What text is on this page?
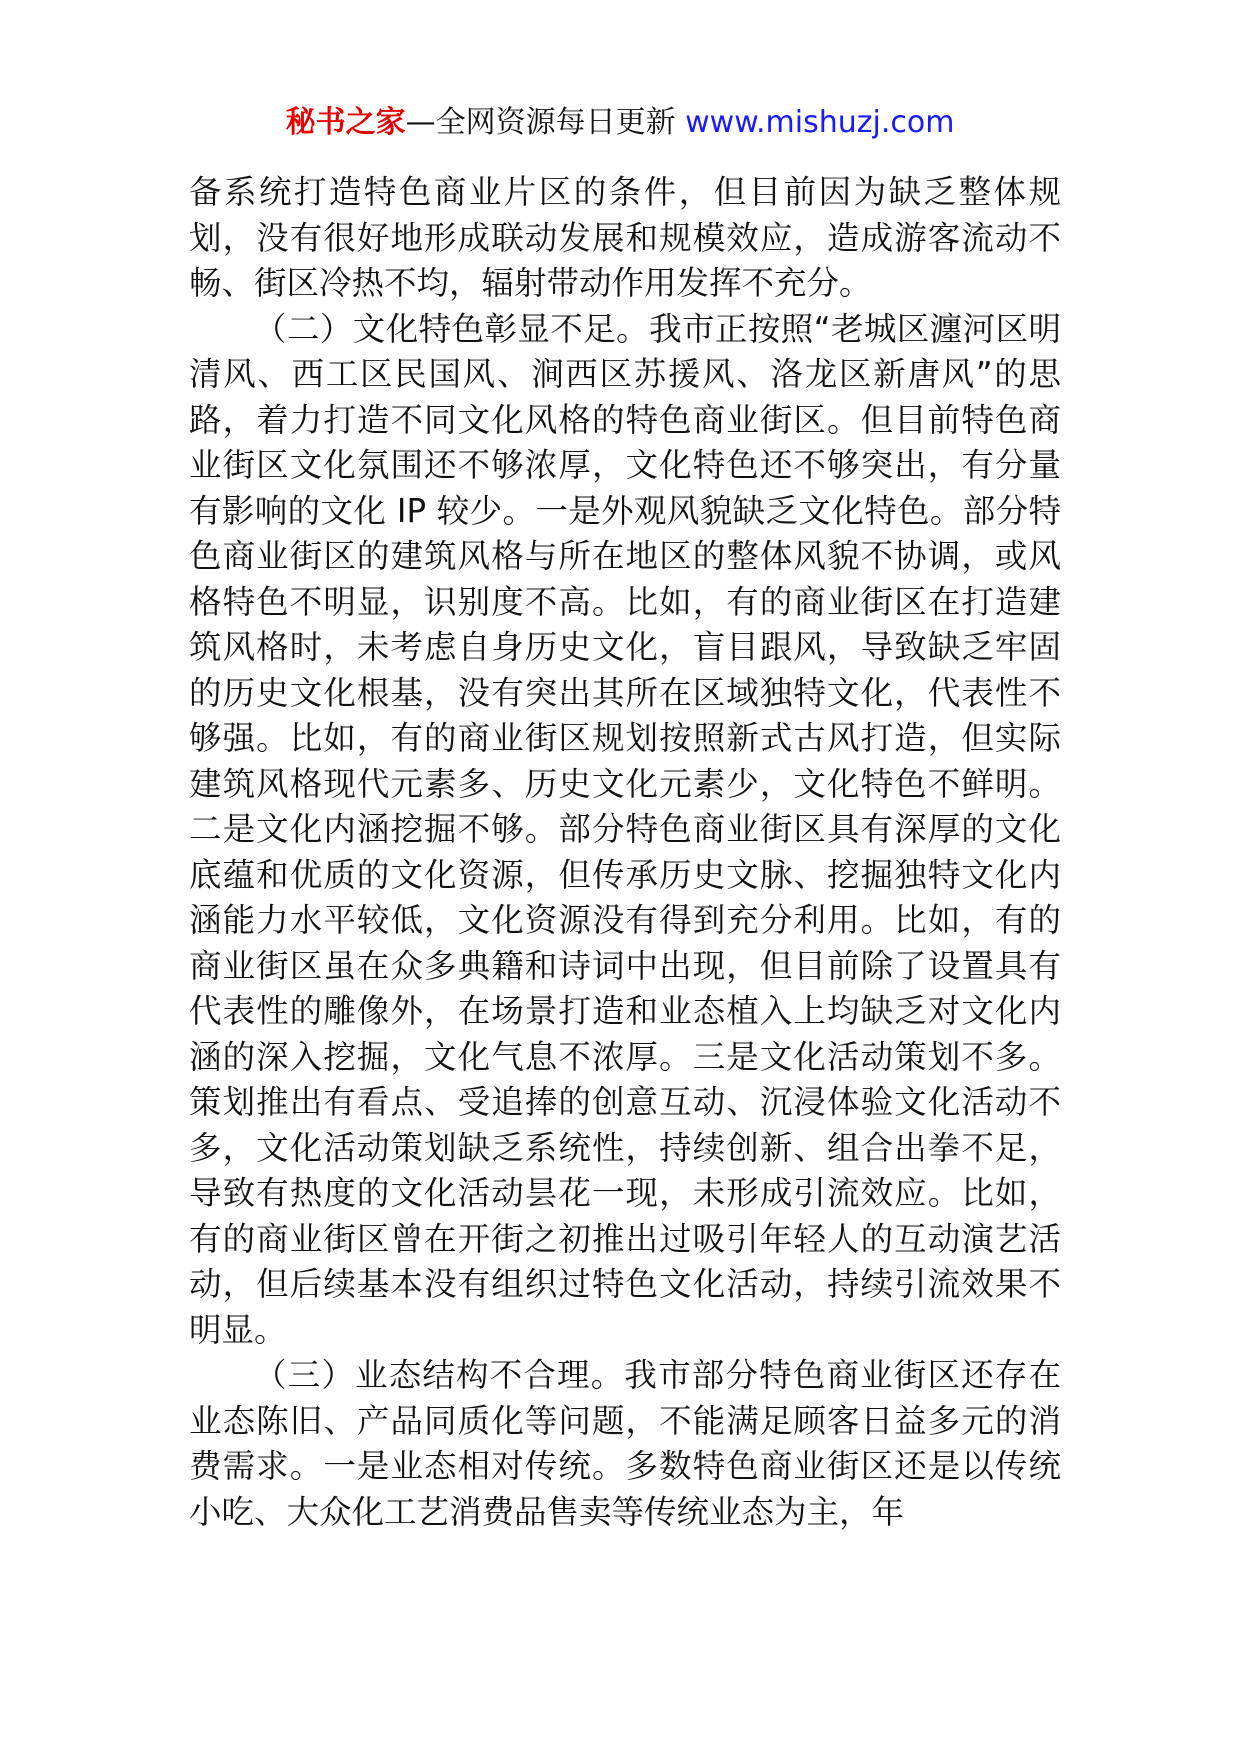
秘书之家—全网资源每日更新 www.mishuzj.com

备系统打造特色商业片区的条件，但目前因为缺乏整体规划，没有很好地形成联动发展和规模效应，造成游客流动不畅、街区冷热不均，辐射带动作用发挥不充分。

（二）文化特色彰显不足。我市正按照“老城区瀍河区明清风、西工区民国风、涧西区苏援风、洛龙区新唐风”的思路，着力打造不同文化风格的特色商业街区。但目前特色商业街区文化氛围还不够浓厚，文化特色还不够突出，有分量有影响的文化 IP 较少。一是外观风貌缺乏文化特色。部分特色商业街区的建筑风格与所在地区的整体风貌不协调，或风格特色不明显，识别度不高。比如，有的商业街区在打造建筑风格时，未考虑自身历史文化，盲目跟风，导致缺乏牢固的历史文化根基，没有突出其所在区域独特文化，代表性不够强。比如，有的商业街区规划按照新式古风打造，但实际建筑风格现代元素多、历史文化元素少，文化特色不鲜明。二是文化内涵挖掘不够。部分特色商业街区具有深厚的文化底蕴和优质的文化资源，但传承历史文脉、挖掘独特文化内涵能力水平较低，文化资源没有得到充分利用。比如，有的商业街区虽在众多典籍和诗词中出现，但目前除了设置具有代表性的雕像外，在场景打造和业态植入上均缺乏对文化内涵的深入挖掘，文化气息不浓厚。三是文化活动策划不多。策划推出有看点、受追捧的创意互动、沉浸体验文化活动不多，文化活动策划缺乏系统性，持续创新、组合出拳不足，导致有热度的文化活动昙花一现，未形成引流效应。比如，有的商业街区曾在开街之初推出过吸引年轻人的互动演艺活动，但后续基本没有组织过特色文化活动，持续引流效果不明显。

（三）业态结构不合理。我市部分特色商业街区还存在业态陈旧、产品同质化等问题，不能满足顾客日益多元的消费需求。一是业态相对传统。多数特色商业街区还是以传统小吃、大众化工艺消费品售卖等传统业态为主，年
